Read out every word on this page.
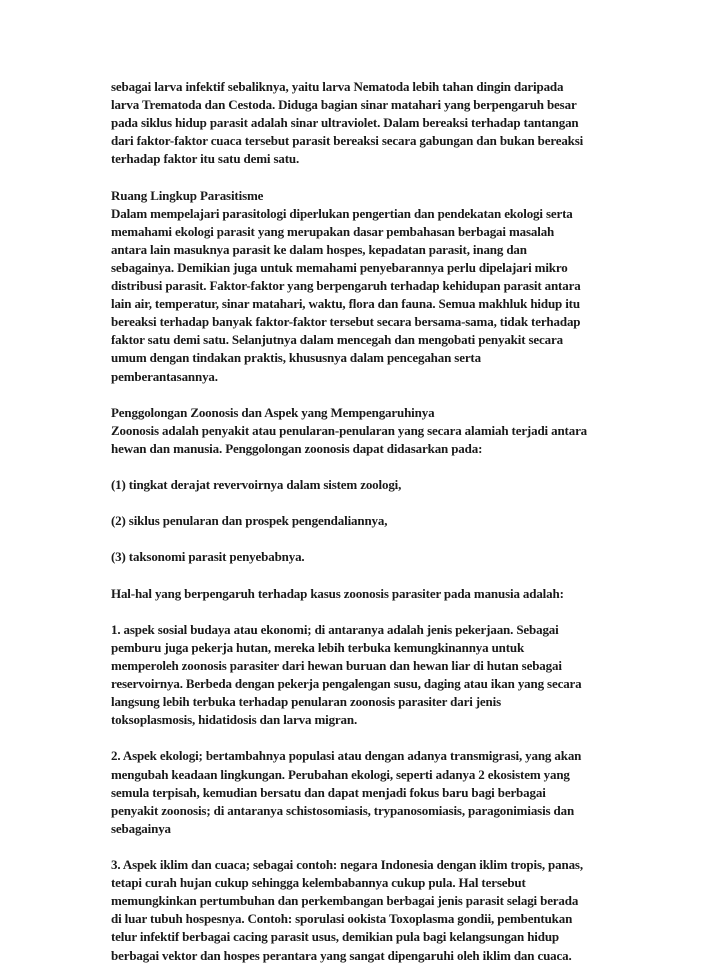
sebagai larva infektif sebaliknya, yaitu larva Nematoda lebih tahan dingin daripada
larva Trematoda dan Cestoda. Diduga bagian sinar matahari yang berpengaruh besar
pada siklus hidup parasit adalah sinar ultraviolet. Dalam bereaksi terhadap tantangan
dari faktor-faktor cuaca tersebut parasit bereaksi secara gabungan dan bukan bereaksi
terhadap faktor itu satu demi satu.

Ruang Lingkup Parasitisme
Dalam mempelajari parasitologi diperlukan pengertian dan pendekatan ekologi serta
memahami ekologi parasit yang merupakan dasar pembahasan berbagai masalah
antara lain masuknya parasit ke dalam hospes, kepadatan parasit, inang dan
sebagainya. Demikian juga untuk memahami penyebarannya perlu dipelajari mikro
distribusi parasit. Faktor-faktor yang berpengaruh terhadap kehidupan parasit antara
lain air, temperatur, sinar matahari, waktu, flora dan fauna. Semua makhluk hidup itu
bereaksi terhadap banyak faktor-faktor tersebut secara bersama-sama, tidak terhadap
faktor satu demi satu. Selanjutnya dalam mencegah dan mengobati penyakit secara
umum dengan tindakan praktis, khususnya dalam pencegahan serta
pemberantasannya.

Penggolongan Zoonosis dan Aspek yang Mempengaruhinya
Zoonosis adalah penyakit atau penularan-penularan yang secara alamiah terjadi antara
hewan dan manusia. Penggolongan zoonosis dapat didasarkan pada:

(1) tingkat derajat revervoirnya dalam sistem zoologi,

(2) siklus penularan dan prospek pengendaliannya,

(3) taksonomi parasit penyebabnya.

Hal-hal yang berpengaruh terhadap kasus zoonosis parasiter pada manusia adalah:

1. aspek sosial budaya atau ekonomi; di antaranya adalah jenis pekerjaan. Sebagai
pemburu juga pekerja hutan, mereka lebih terbuka kemungkinannya untuk
memperoleh zoonosis parasiter dari hewan buruan dan hewan liar di hutan sebagai
reservoirnya. Berbeda dengan pekerja pengalengan susu, daging atau ikan yang secara
langsung lebih terbuka terhadap penularan zoonosis parasiter dari jenis
toksoplasmosis, hidatidosis dan larva migran.

2. Aspek ekologi; bertambahnya populasi atau dengan adanya transmigrasi, yang akan
mengubah keadaan lingkungan. Perubahan ekologi, seperti adanya 2 ekosistem yang
semula terpisah, kemudian bersatu dan dapat menjadi fokus baru bagi berbagai
penyakit zoonosis; di antaranya schistosomiasis, trypanosomiasis, paragonimiasis dan
sebagainya

3. Aspek iklim dan cuaca; sebagai contoh: negara Indonesia dengan iklim tropis, panas,
tetapi curah hujan cukup sehingga kelembabannya cukup pula. Hal tersebut
memungkinkan pertumbuhan dan perkembangan berbagai jenis parasit selagi berada
di luar tubuh hospesnya. Contoh: sporulasi ookista Toxoplasma gondii, pembentukan
telur infektif berbagai cacing parasit usus, demikian pula bagi kelangsungan hidup
berbagai vektor dan hospes perantara yang sangat dipengaruhi oleh iklim dan cuaca.
